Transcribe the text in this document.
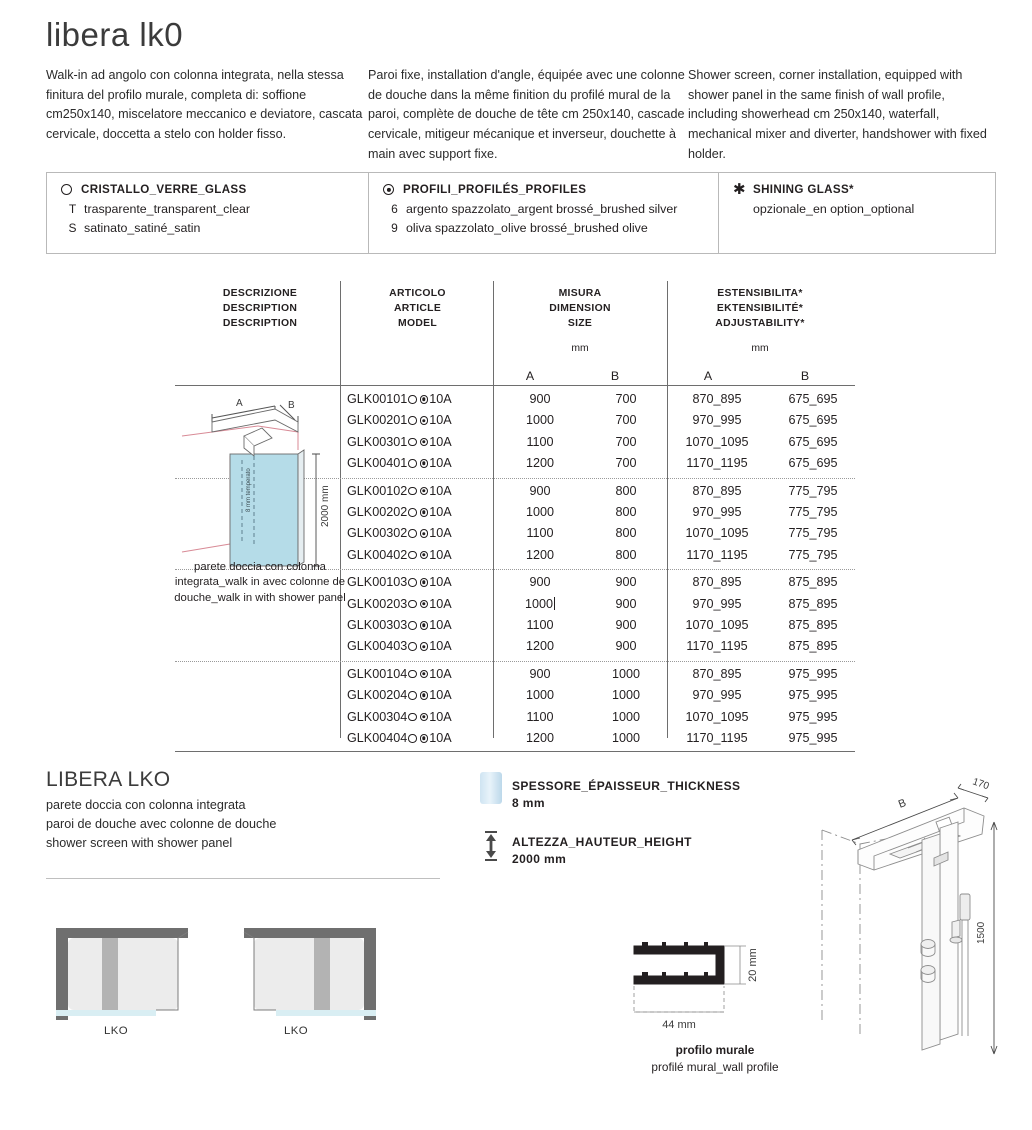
libera lk0
Walk-in ad angolo con colonna integrata, nella stessa finitura del profilo murale, completa di: soffione cm250x140, miscelatore meccanico e deviatore, cascata cervicale, doccetta a stelo con holder fisso.
Paroi fixe, installation d'angle, équipée avec une colonne de douche dans la même finition du profilé mural de la paroi, complète de douche de tête cm 250x140, cascade cervicale, mitigeur mécanique et inverseur, douchette à main avec support fixe.
Shower screen, corner installation, equipped with shower panel in the same finish of wall profile, including showerhead cm 250x140, waterfall, mechanical mixer and diverter, handshower with fixed holder.
CRISTALLO_VERRE_GLASS
T trasparente_transparent_clear
S satinato_satiné_satin
PROFILI_PROFILÉS_PROFILES
6 argento spazzolato_argent brossé_brushed silver
9 oliva spazzolato_olive brossé_brushed olive
✱ SHINING GLASS*
opzionale_en option_optional
DESCRIZIONE
DESCRIPTION
DESCRIPTION
ARTICOLO
ARTICLE
MODEL
MISURA
DIMENSION
SIZE
ESTENSIBILITA*
EKTENSIBILITÉ*
ADJUSTABILITY*
mm	mm
A	B	A	B
GLK00101 10A	900	700	870_895	675_695
GLK00201 10A	1000	700	970_995	675_695
GLK00301 10A	1100	700	1070_1095	675_695
GLK00401 10A	1200	700	1170_1195	675_695
GLK00102 10A	900	800	870_895	775_795
GLK00202 10A	1000	800	970_995	775_795
GLK00302 10A	1100	800	1070_1095	775_795
GLK00402 10A	1200	800	1170_1195	775_795
GLK00103 10A	900	900	870_895	875_895
GLK00203 10A	1000	900	970_995	875_895
GLK00303 10A	1100	900	1070_1095	875_895
GLK00403 10A	1200	900	1170_1195	875_895
GLK00104 10A	900	1000	870_895	975_995
GLK00204 10A	1000	1000	970_995	975_995
GLK00304 10A	1100	1000	1070_1095	975_995
GLK00404 10A	1200	1000	1170_1195	975_995
A	B
8 mm temperato	2000 mm
parete doccia con colonna integrata_walk in avec colonne de douche_walk in with shower panel
LIBERA LKO
parete doccia con colonna integrata
paroi de douche avec colonne de douche
shower screen with shower panel
SPESSORE_ÉPAISSEUR_THICKNESS
8 mm
ALTEZZA_HAUTEUR_HEIGHT
2000 mm
LKO	LKO	44 mm
20 mm
profilo murale
profilé mural_wall profile
B
170
1500
